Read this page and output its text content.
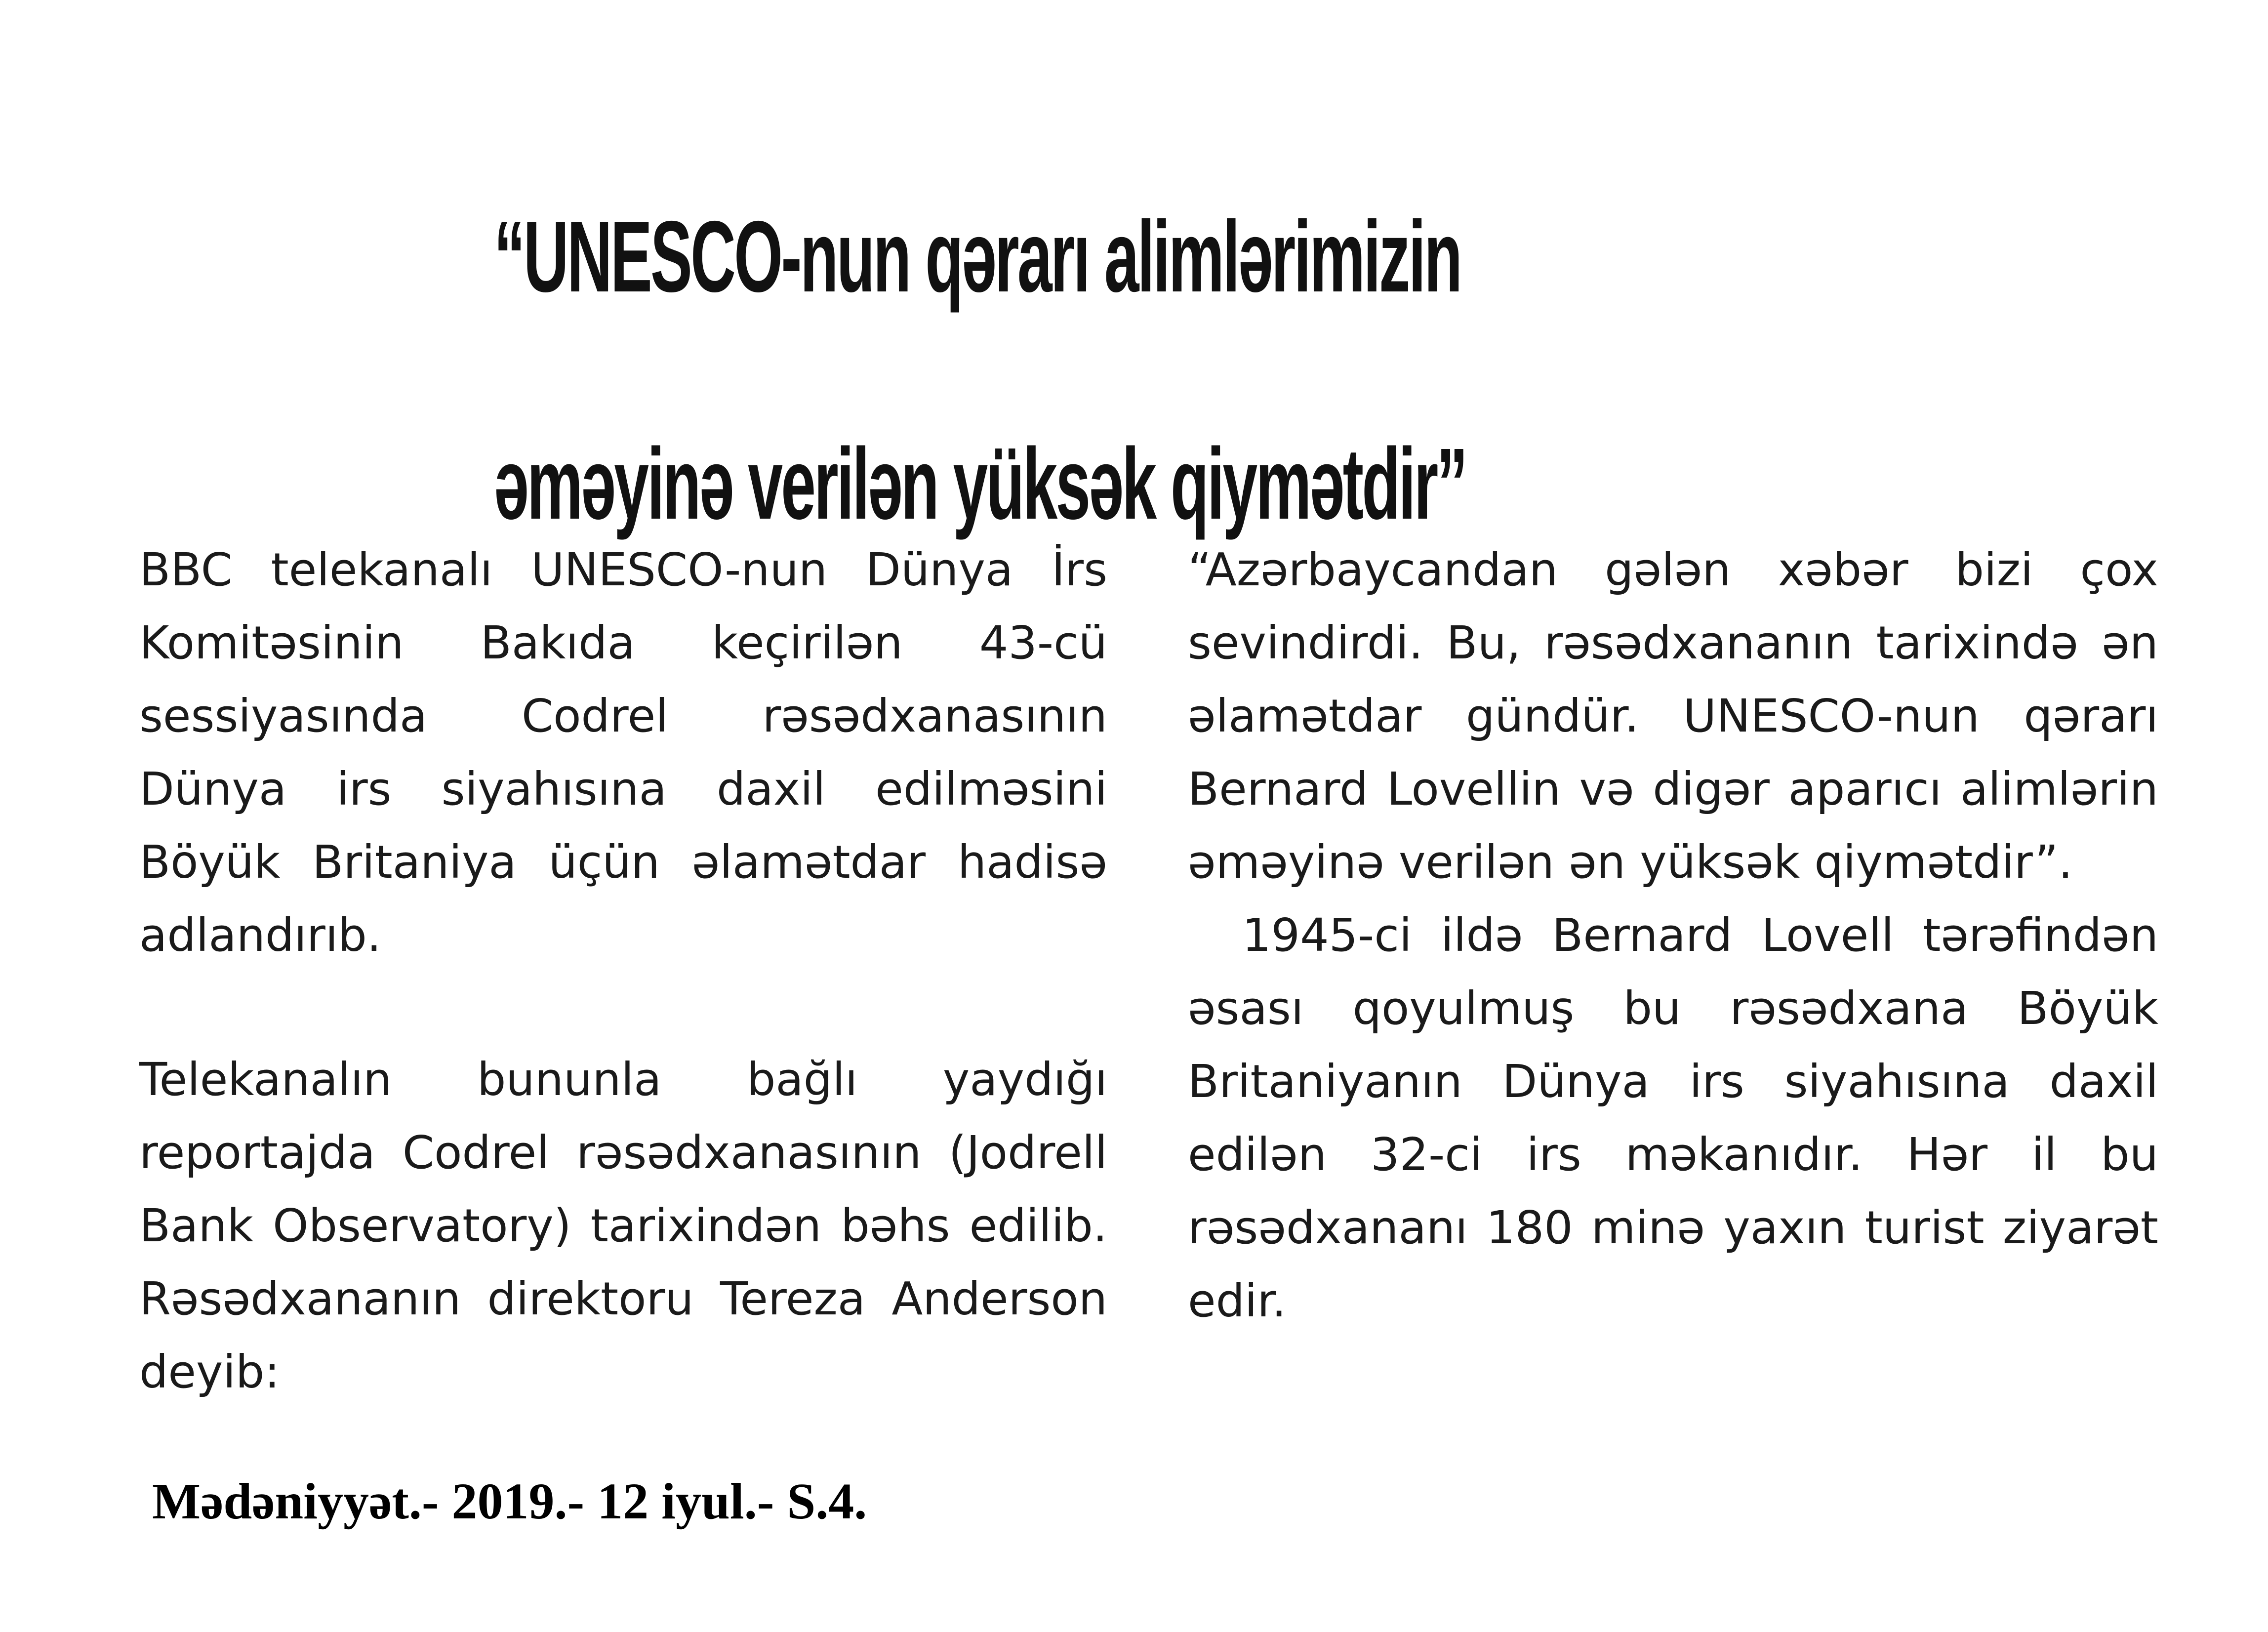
“UNESCO-nun qərarı alimlərimizin
əməyinə verilən yüksək qiymətdir”

BBC telekanalı UNESCO-nun Dünya İrs Komitəsinin Bakıda keçirilən 43-cü sessiyasında Codrel rəsədxanasının Dünya irs siyahısına daxil edilməsini Böyük Britaniya üçün əlamətdar hadisə adlandırıb.

Telekanalın bununla bağlı yaydığı reportajda Codrel rəsədxanasının (Jodrell Bank Observatory) tarixindən bəhs edilib. Rəsədxananın direktoru Tereza Anderson deyib:

“Azərbaycandan gələn xəbər bizi çox sevindirdi. Bu, rəsədxananın tarixində ən əlamətdar gündür. UNESCO-nun qərarı Bernard Lovellin və digər aparıcı alimlərin əməyinə verilən ən yüksək qiymətdir”.

1945-ci ildə Bernard Lovell tərəfindən əsası qoyulmuş bu rəsədxana Böyük Britaniyanın Dünya irs siyahısına daxil edilən 32-ci irs məkanıdır. Hər il bu rəsədxananı 180 minə yaxın turist ziyarət edir.

Mədəniyyət.- 2019.- 12 iyul.- S.4.
